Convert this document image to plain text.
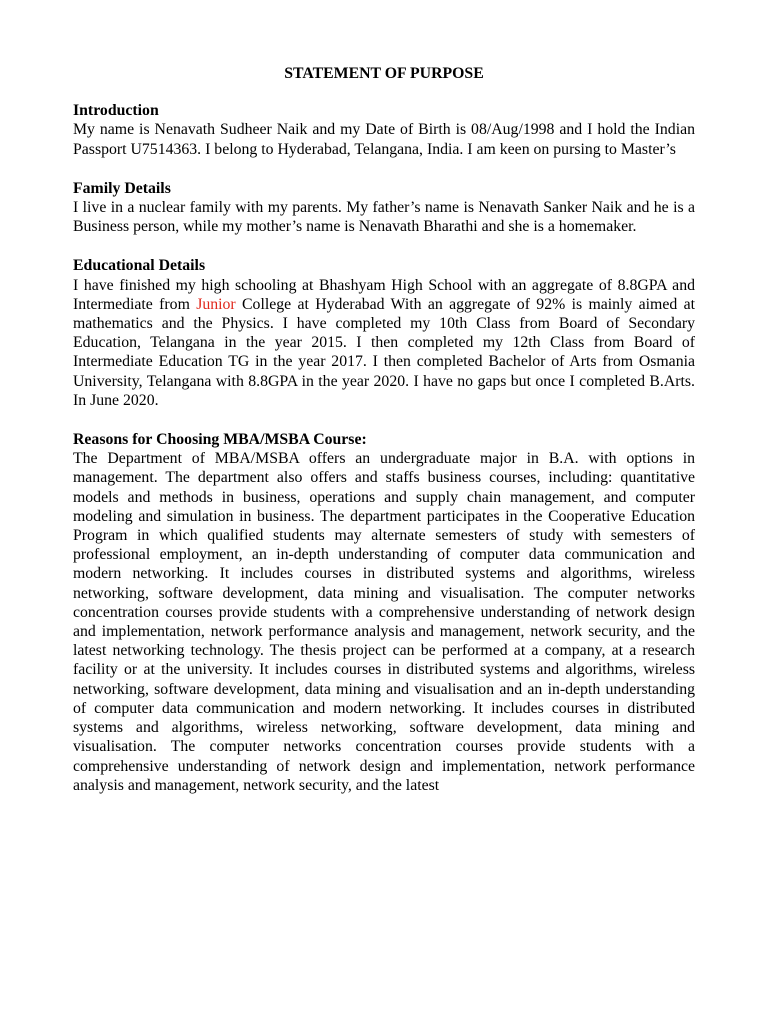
STATEMENT OF PURPOSE
Introduction

My name is Nenavath Sudheer Naik and my Date of Birth is 08/Aug/1998 and I hold the Indian Passport U7514363. I belong to Hyderabad, Telangana, India. I am keen on pursing to Master’s

Family Details

I live in a nuclear family with my parents. My father’s name is Nenavath Sanker Naik and he is a Business person, while my mother’s name is Nenavath Bharathi and she is a homemaker.

Educational Details

I have finished my high schooling at Bhashyam High School with an aggregate of 8.8GPA and Intermediate from Junior College at Hyderabad With an aggregate of 92% is mainly aimed at mathematics and the Physics. I have completed my 10th Class from Board of Secondary Education, Telangana in the year 2015. I then completed my 12th Class from Board of Intermediate Education TG in the year 2017. I then completed Bachelor of Arts from Osmania University, Telangana with 8.8GPA in the year 2020. I have no gaps but once I completed B.Arts. In June 2020.

Reasons for Choosing MBA/MSBA Course:

The Department of MBA/MSBA offers an undergraduate major in B.A. with options in management. The department also offers and staffs business courses, including: quantitative models and methods in business, operations and supply chain management, and computer modeling and simulation in business. The department participates in the Cooperative Education Program in which qualified students may alternate semesters of study with semesters of professional employment, an in-depth understanding of computer data communication and modern networking. It includes courses in distributed systems and algorithms, wireless networking, software development, data mining and visualisation. The computer networks concentration courses provide students with a comprehensive understanding of network design and implementation, network performance analysis and management, network security, and the latest networking technology. The thesis project can be performed at a company, at a research facility or at the university. It includes courses in distributed systems and algorithms, wireless networking, software development, data mining and visualisation and an in-depth understanding of computer data communication and modern networking. It includes courses in distributed systems and algorithms, wireless networking, software development, data mining and visualisation. The computer networks concentration courses provide students with a comprehensive understanding of network design and implementation, network performance analysis and management, network security, and the latest
